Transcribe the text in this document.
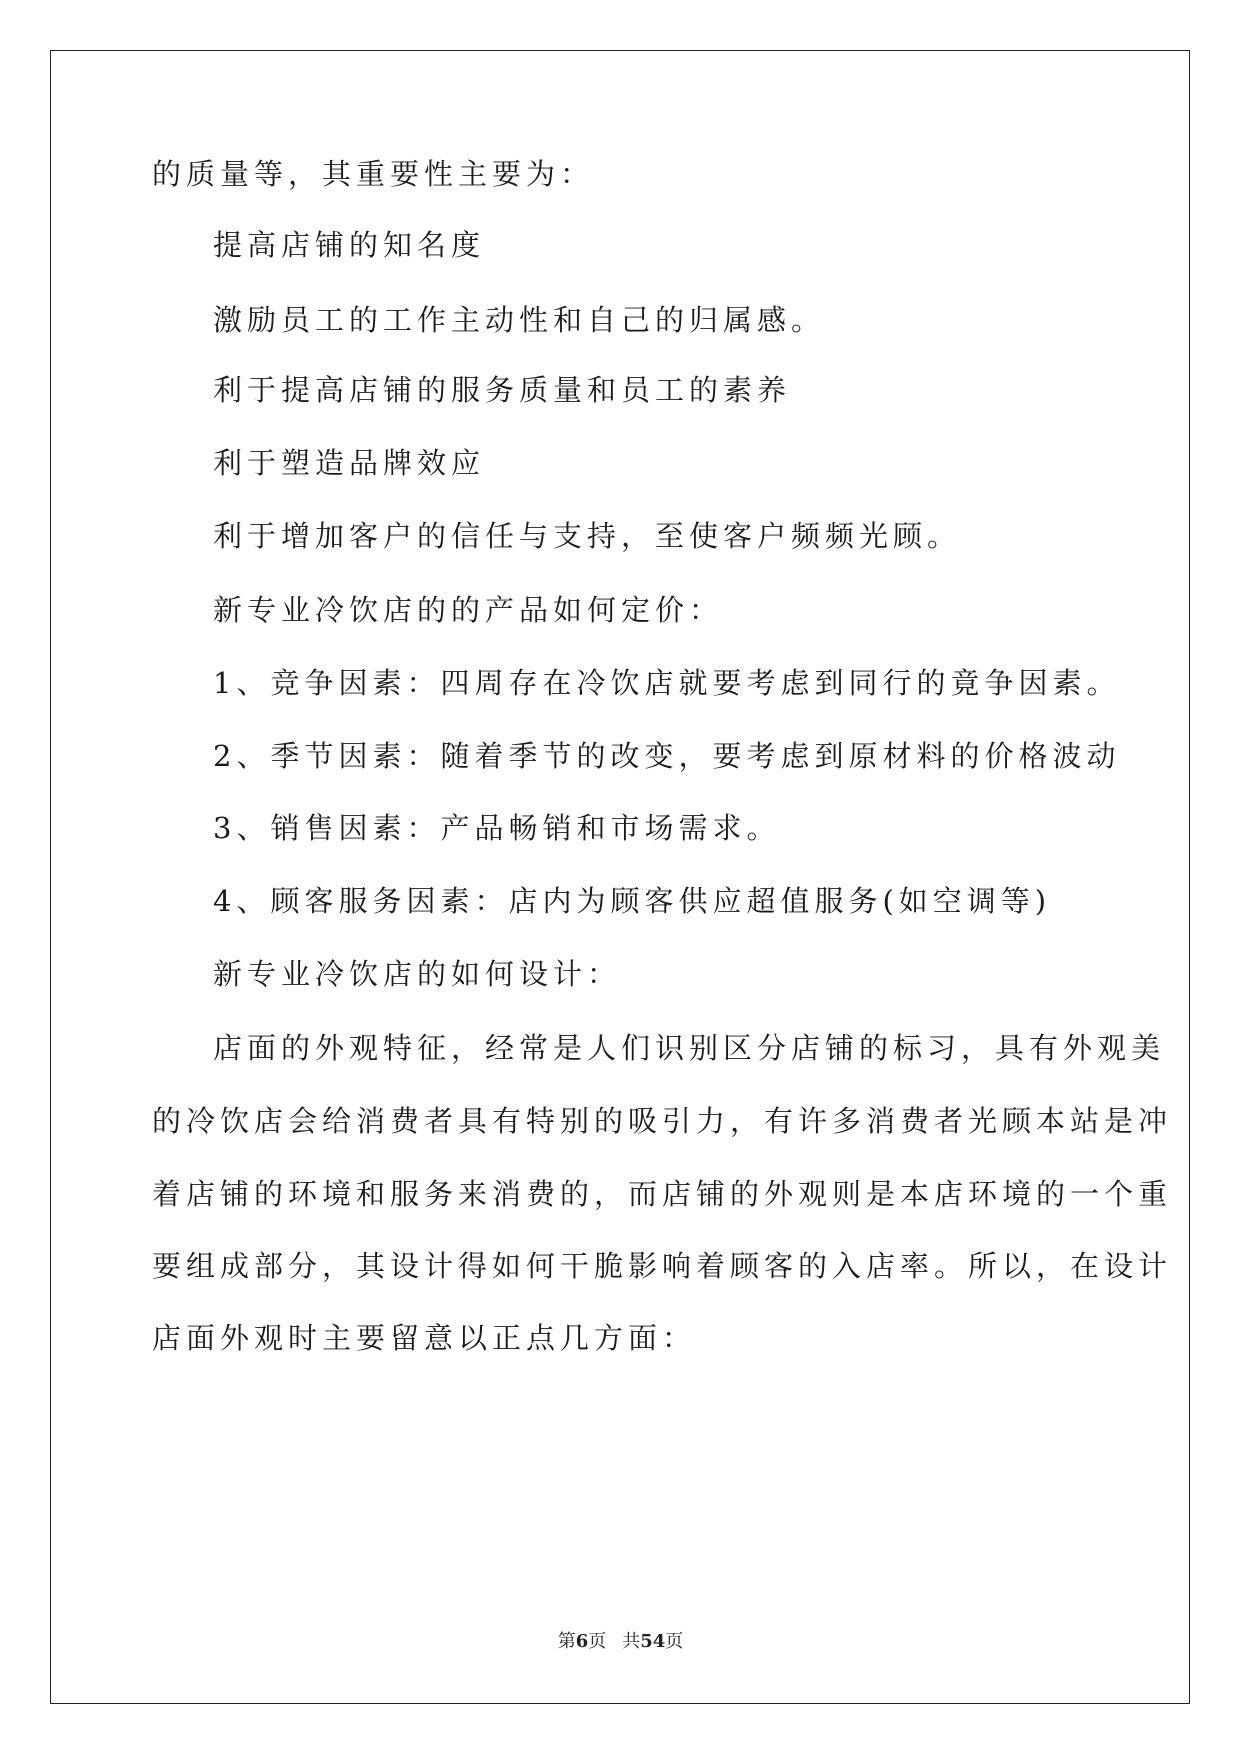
的质量等，其重要性主要为：
提高店铺的知名度
激励员工的工作主动性和自己的归属感。
利于提高店铺的服务质量和员工的素养
利于塑造品牌效应
利于增加客户的信任与支持，至使客户频频光顾。
新专业冷饮店的的产品如何定价：
1、竞争因素：四周存在冷饮店就要考虑到同行的竟争因素。
2、季节因素：随着季节的改变，要考虑到原材料的价格波动
3、销售因素：产品畅销和市场需求。
4、顾客服务因素：店内为顾客供应超值服务(如空调等)
新专业冷饮店的如何设计：
店面的外观特征，经常是人们识别区分店铺的标习，具有外观美
的冷饮店会给消费者具有特别的吸引力，有许多消费者光顾本站是冲
着店铺的环境和服务来消费的，而店铺的外观则是本店环境的一个重
要组成部分，其设计得如何干脆影响着顾客的入店率。所以，在设计
店面外观时主要留意以正点几方面：
第6页 共54页
